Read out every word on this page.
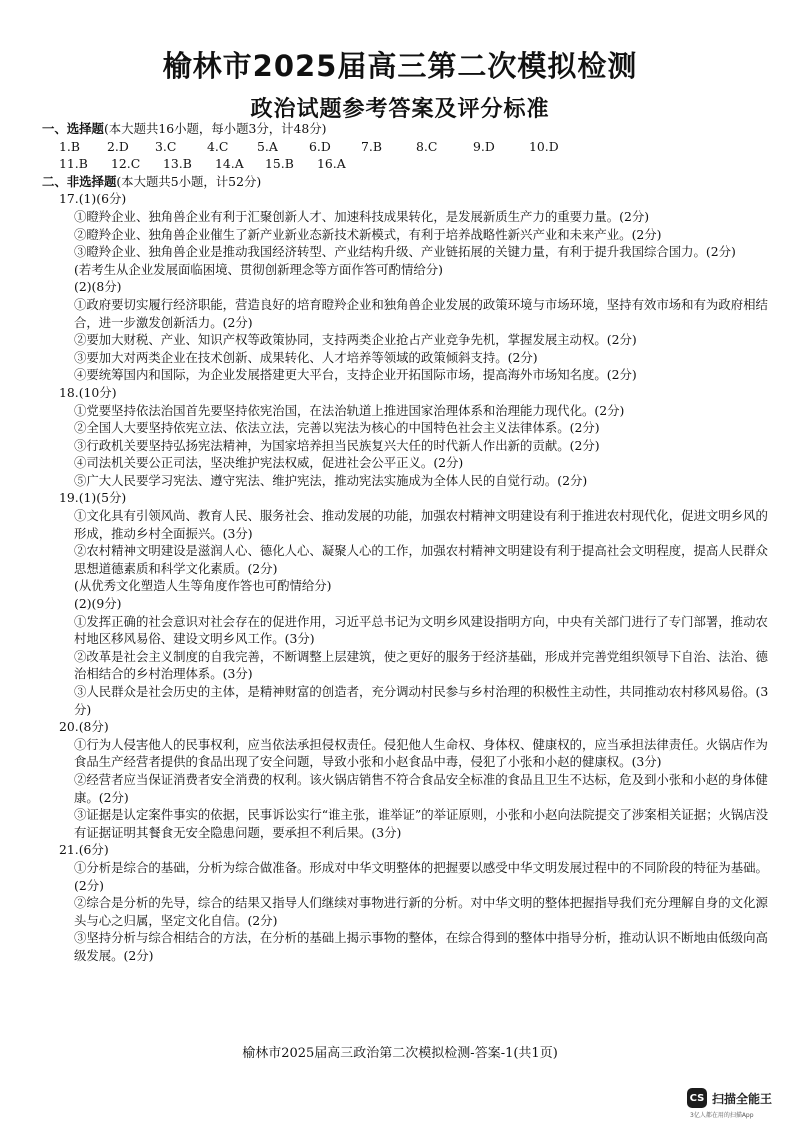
榆林市2025届高三第二次模拟检测
政治试题参考答案及评分标准
一、选择题(本大题共16小题，每小题3分，计48分)
1.B	2.D	3.C	4.C	5.A	6.D	7.B	8.C	9.D	10.D
11.B	12.C	13.B	14.A	15.B	16.A
二、非选择题(本大题共5小题，计52分)
17.(1)(6分)
①瞪羚企业、独角兽企业有利于汇聚创新人才、加速科技成果转化，是发展新质生产力的重要力量。(2分)
②瞪羚企业、独角兽企业催生了新产业新业态新技术新模式，有利于培养战略性新兴产业和未来产业。(2分)
③瞪羚企业、独角兽企业是推动我国经济转型、产业结构升级、产业链拓展的关键力量，有利于提升我国综合国力。(2分)
(若考生从企业发展面临困境、贯彻创新理念等方面作答可酌情给分)
(2)(8分)
①政府要切实履行经济职能，营造良好的培育瞪羚企业和独角兽企业发展的政策环境与市场环境，坚持有效市场和有为政府相结合，进一步激发创新活力。(2分)
②要加大财税、产业、知识产权等政策协同，支持两类企业抢占产业竞争先机，掌握发展主动权。(2分)
③要加大对两类企业在技术创新、成果转化、人才培养等领域的政策倾斜支持。(2分)
④要统筹国内和国际，为企业发展搭建更大平台，支持企业开拓国际市场，提高海外市场知名度。(2分)
18.(10分)
①党要坚持依法治国首先要坚持依宪治国，在法治轨道上推进国家治理体系和治理能力现代化。(2分)
②全国人大要坚持依宪立法、依法立法，完善以宪法为核心的中国特色社会主义法律体系。(2分)
③行政机关要坚持弘扬宪法精神，为国家培养担当民族复兴大任的时代新人作出新的贡献。(2分)
④司法机关要公正司法，坚决维护宪法权威，促进社会公平正义。(2分)
⑤广大人民要学习宪法、遵守宪法、维护宪法，推动宪法实施成为全体人民的自觉行动。(2分)
19.(1)(5分)
①文化具有引领风尚、教育人民、服务社会、推动发展的功能，加强农村精神文明建设有利于推进农村现代化，促进文明乡风的形成，推动乡村全面振兴。(3分)
②农村精神文明建设是滋润人心、德化人心、凝聚人心的工作，加强农村精神文明建设有利于提高社会文明程度，提高人民群众思想道德素质和科学文化素质。(2分)
(从优秀文化塑造人生等角度作答也可酌情给分)
(2)(9分)
①发挥正确的社会意识对社会存在的促进作用，习近平总书记为文明乡风建设指明方向，中央有关部门进行了专门部署，推动农村地区移风易俗、建设文明乡风工作。(3分)
②改革是社会主义制度的自我完善，不断调整上层建筑，使之更好的服务于经济基础，形成并完善党组织领导下自治、法治、德治相结合的乡村治理体系。(3分)
③人民群众是社会历史的主体，是精神财富的创造者，充分调动村民参与乡村治理的积极性主动性，共同推动农村移风易俗。(3分)
20.(8分)
①行为人侵害他人的民事权利，应当依法承担侵权责任。侵犯他人生命权、身体权、健康权的，应当承担法律责任。火锅店作为食品生产经营者提供的食品出现了安全问题，导致小张和小赵食品中毒，侵犯了小张和小赵的健康权。(3分)
②经营者应当保证消费者安全消费的权利。该火锅店销售不符合食品安全标准的食品且卫生不达标，危及到小张和小赵的身体健康。(2分)
③证据是认定案件事实的依据，民事诉讼实行“谁主张，谁举证”的举证原则，小张和小赵向法院提交了涉案相关证据；火锅店没有证据证明其餐食无安全隐患问题，要承担不利后果。(3分)
21.(6分)
①分析是综合的基础，分析为综合做准备。形成对中华文明整体的把握要以感受中华文明发展过程中的不同阶段的特征为基础。(2分)
②综合是分析的先导，综合的结果又指导人们继续对事物进行新的分析。对中华文明的整体把握指导我们充分理解自身的文化源头与心之归属，坚定文化自信。(2分)
③坚持分析与综合相结合的方法，在分析的基础上揭示事物的整体，在综合得到的整体中指导分析，推动认识不断地由低级向高级发展。(2分)
榆林市2025届高三政治第二次模拟检测-答案-1(共1页)
CS 扫描全能王
3亿人都在用的扫描App
